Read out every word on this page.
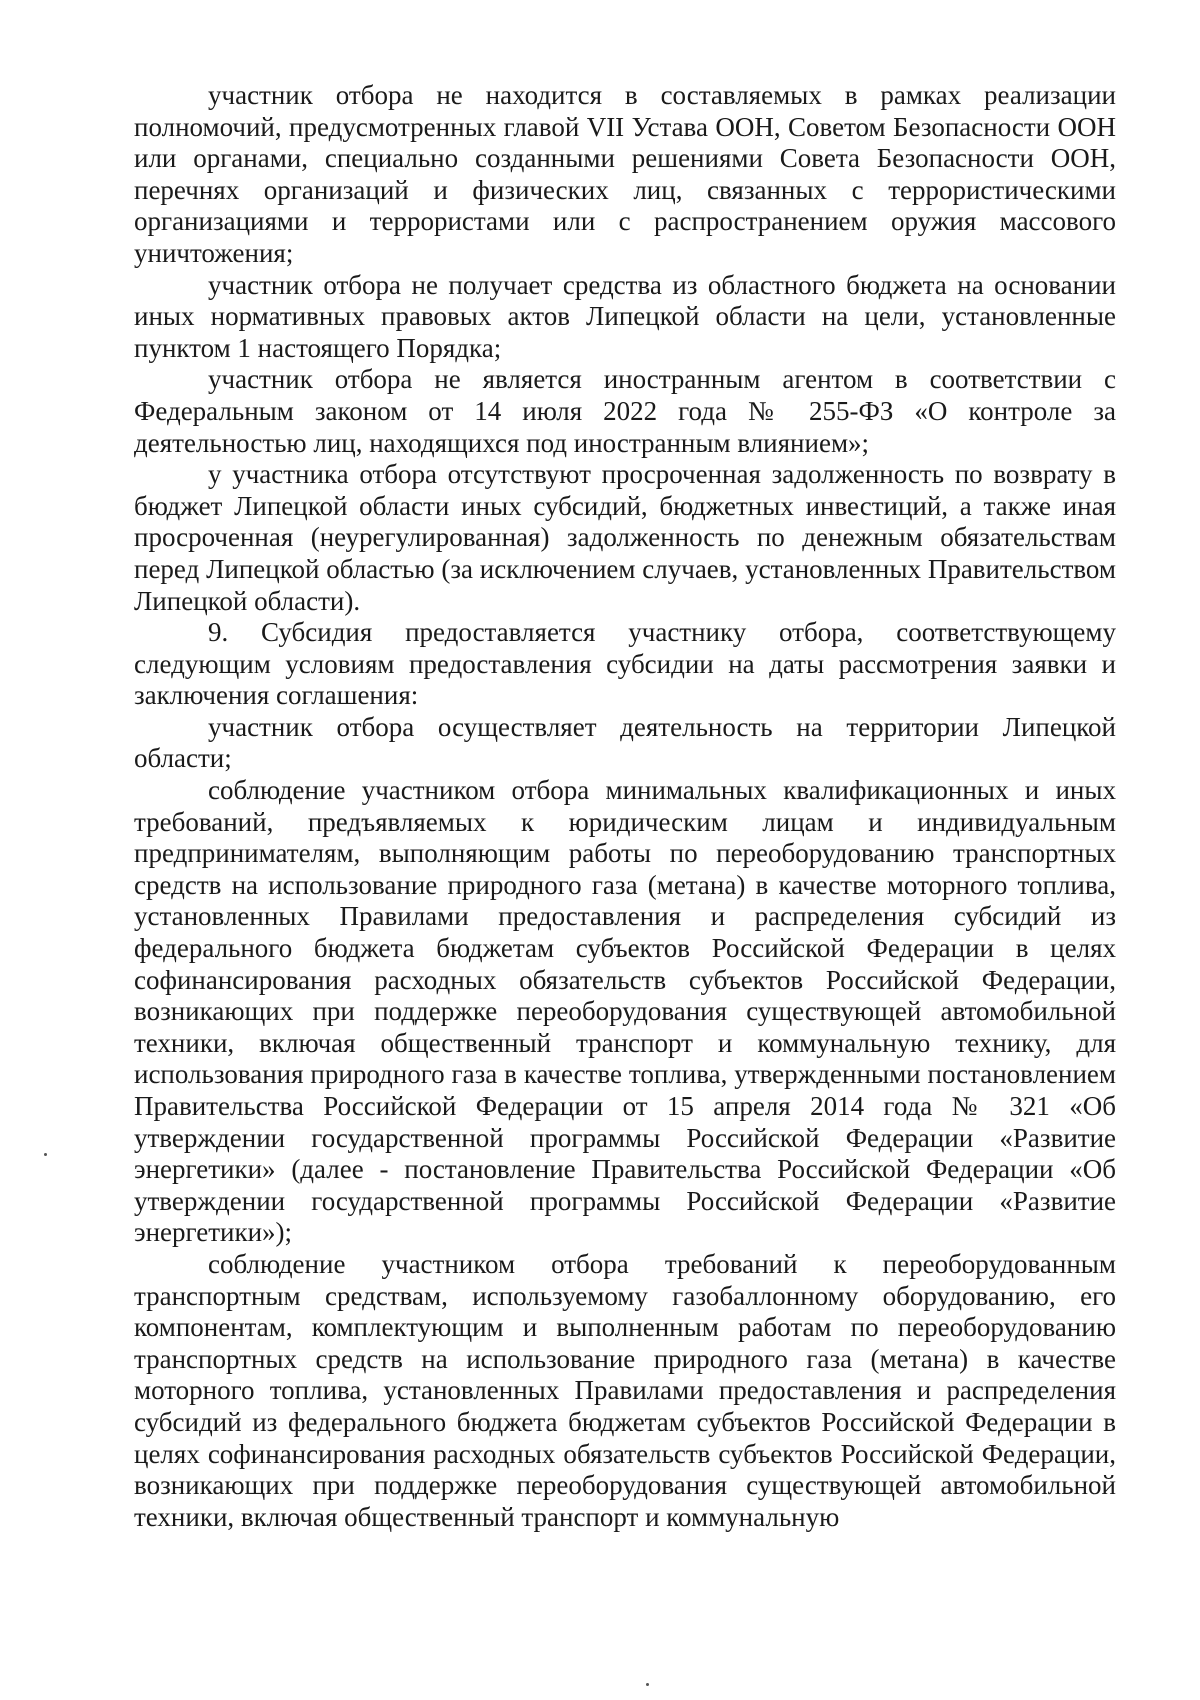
участник отбора не находится в составляемых в рамках реализации полномочий, предусмотренных главой VII Устава ООН, Советом Безопасности ООН или органами, специально созданными решениями Совета Безопасности ООН, перечнях организаций и физических лиц, связанных с террористическими организациями и террористами или с распространением оружия массового уничтожения;

участник отбора не получает средства из областного бюджета на основании иных нормативных правовых актов Липецкой области на цели, установленные пунктом 1 настоящего Порядка;

участник отбора не является иностранным агентом в соответствии с Федеральным законом от 14 июля 2022 года № 255-ФЗ «О контроле за деятельностью лиц, находящихся под иностранным влиянием»;

у участника отбора отсутствуют просроченная задолженность по возврату в бюджет Липецкой области иных субсидий, бюджетных инвестиций, а также иная просроченная (неурегулированная) задолженность по денежным обязательствам перед Липецкой областью (за исключением случаев, установленных Правительством Липецкой области).

9. Субсидия предоставляется участнику отбора, соответствующему следующим условиям предоставления субсидии на даты рассмотрения заявки и заключения соглашения:

участник отбора осуществляет деятельность на территории Липецкой области;

соблюдение участником отбора минимальных квалификационных и иных требований, предъявляемых к юридическим лицам и индивидуальным предпринимателям, выполняющим работы по переоборудованию транспортных средств на использование природного газа (метана) в качестве моторного топлива, установленных Правилами предоставления и распределения субсидий из федерального бюджета бюджетам субъектов Российской Федерации в целях софинансирования расходных обязательств субъектов Российской Федерации, возникающих при поддержке переоборудования существующей автомобильной техники, включая общественный транспорт и коммунальную технику, для использования природного газа в качестве топлива, утвержденными постановлением Правительства Российской Федерации от 15 апреля 2014 года № 321 «Об утверждении государственной программы Российской Федерации «Развитие энергетики» (далее - постановление Правительства Российской Федерации «Об утверждении государственной программы Российской Федерации «Развитие энергетики»);

соблюдение участником отбора требований к переоборудованным транспортным средствам, используемому газобаллонному оборудованию, его компонентам, комплектующим и выполненным работам по переоборудованию транспортных средств на использование природного газа (метана) в качестве моторного топлива, установленных Правилами предоставления и распределения субсидий из федерального бюджета бюджетам субъектов Российской Федерации в целях софинансирования расходных обязательств субъектов Российской Федерации, возникающих при поддержке переоборудования существующей автомобильной техники, включая общественный транспорт и коммунальную
